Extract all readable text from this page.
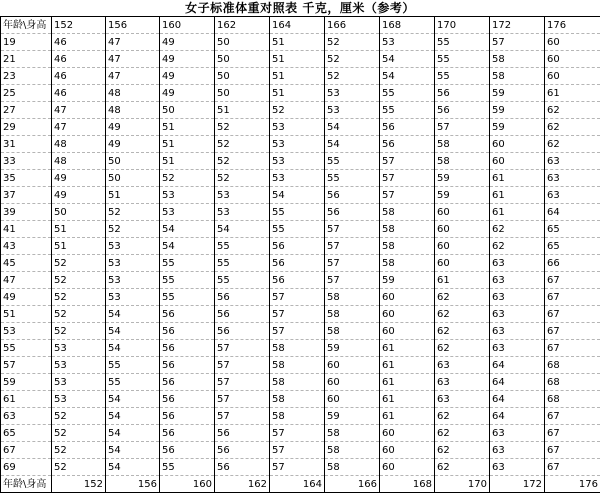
女子标准体重对照表 千克，厘米（参考）
年龄\身高	152	156	160	162	164	166	168	170	172	176
19	46	47	49	50	51	52	53	55	57	60
21	46	47	49	50	51	52	54	55	58	60
23	46	47	49	50	51	52	54	55	58	60
25	46	48	49	50	51	53	55	56	59	61
27	47	48	50	51	52	53	55	56	59	62
29	47	49	51	52	53	54	56	57	59	62
31	48	49	51	52	53	54	56	58	60	62
33	48	50	51	52	53	55	57	58	60	63
35	49	50	52	52	53	55	57	59	61	63
37	49	51	53	53	54	56	57	59	61	63
39	50	52	53	53	55	56	58	60	61	64
41	51	52	54	54	55	57	58	60	62	65
43	51	53	54	55	56	57	58	60	62	65
45	52	53	55	55	56	57	58	60	63	66
47	52	53	55	55	56	57	59	61	63	67
49	52	53	55	56	57	58	60	62	63	67
51	52	54	56	56	57	58	60	62	63	67
53	52	54	56	56	57	58	60	62	63	67
55	53	54	56	57	58	59	61	62	63	67
57	53	55	56	57	58	60	61	63	64	68
59	53	55	56	57	58	60	61	63	64	68
61	53	54	56	57	58	60	61	63	64	68
63	52	54	56	57	58	59	61	62	64	67
65	52	54	56	56	57	58	60	62	63	67
67	52	54	56	56	57	58	60	62	63	67
69	52	54	55	56	57	58	60	62	63	67
年龄\身高	152	156	160	162	164	166	168	170	172	176
